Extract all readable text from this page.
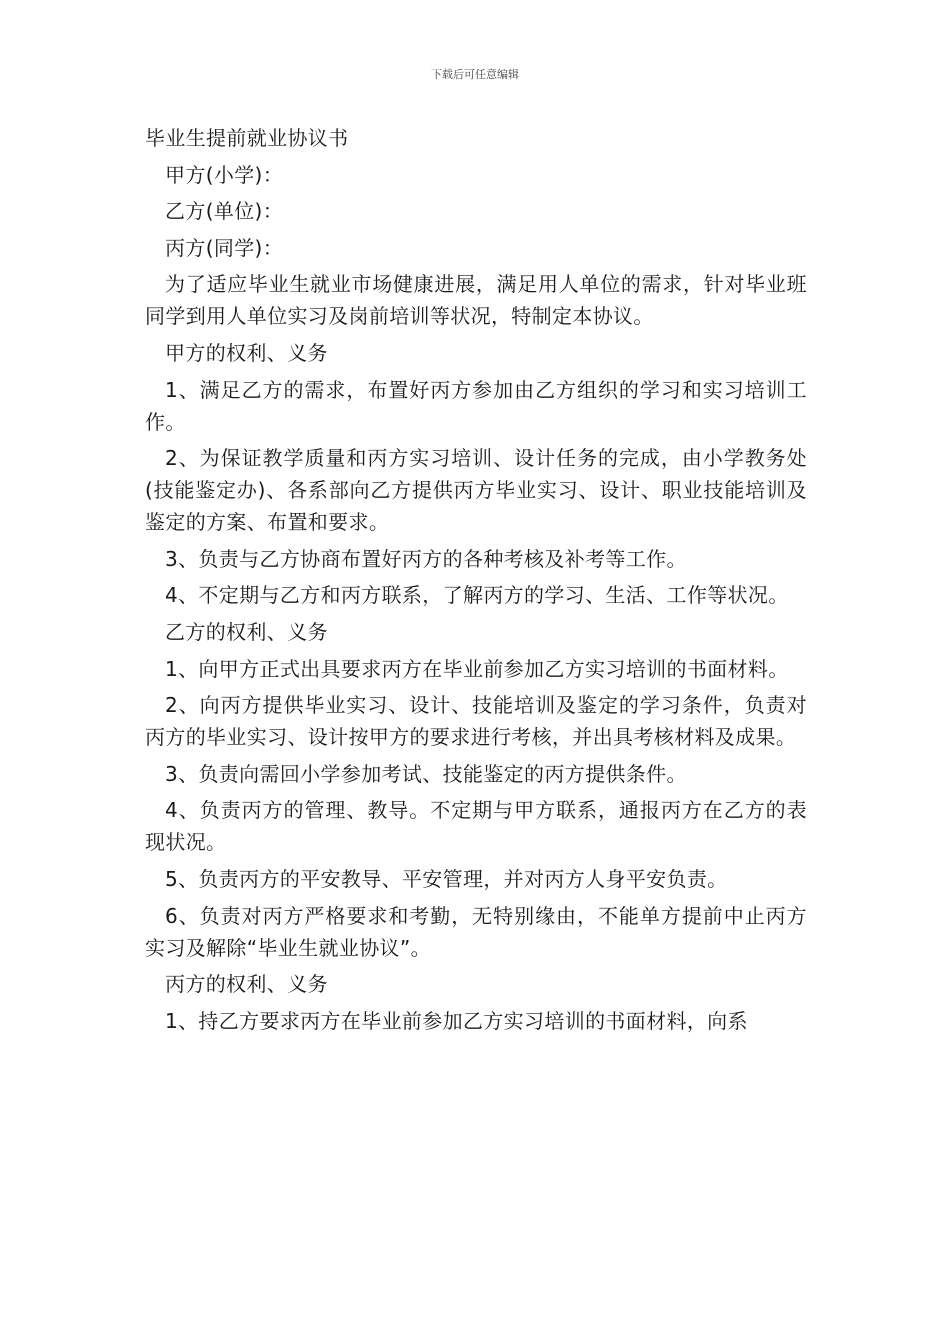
下载后可任意编辑
毕业生提前就业协议书
甲方(小学)：
乙方(单位)：
丙方(同学)：
为了适应毕业生就业市场健康进展，满足用人单位的需求，针对毕业班同学到用人单位实习及岗前培训等状况，特制定本协议。
甲方的权利、义务
1、满足乙方的需求，布置好丙方参加由乙方组织的学习和实习培训工作。
2、为保证教学质量和丙方实习培训、设计任务的完成，由小学教务处(技能鉴定办)、各系部向乙方提供丙方毕业实习、设计、职业技能培训及鉴定的方案、布置和要求。
3、负责与乙方协商布置好丙方的各种考核及补考等工作。
4、不定期与乙方和丙方联系，了解丙方的学习、生活、工作等状况。
乙方的权利、义务
1、向甲方正式出具要求丙方在毕业前参加乙方实习培训的书面材料。
2、向丙方提供毕业实习、设计、技能培训及鉴定的学习条件，负责对丙方的毕业实习、设计按甲方的要求进行考核，并出具考核材料及成果。
3、负责向需回小学参加考试、技能鉴定的丙方提供条件。
4、负责丙方的管理、教导。不定期与甲方联系，通报丙方在乙方的表现状况。
5、负责丙方的平安教导、平安管理，并对丙方人身平安负责。
6、负责对丙方严格要求和考勤，无特别缘由，不能单方提前中止丙方实习及解除“毕业生就业协议”。
丙方的权利、义务
1、持乙方要求丙方在毕业前参加乙方实习培训的书面材料，向系
